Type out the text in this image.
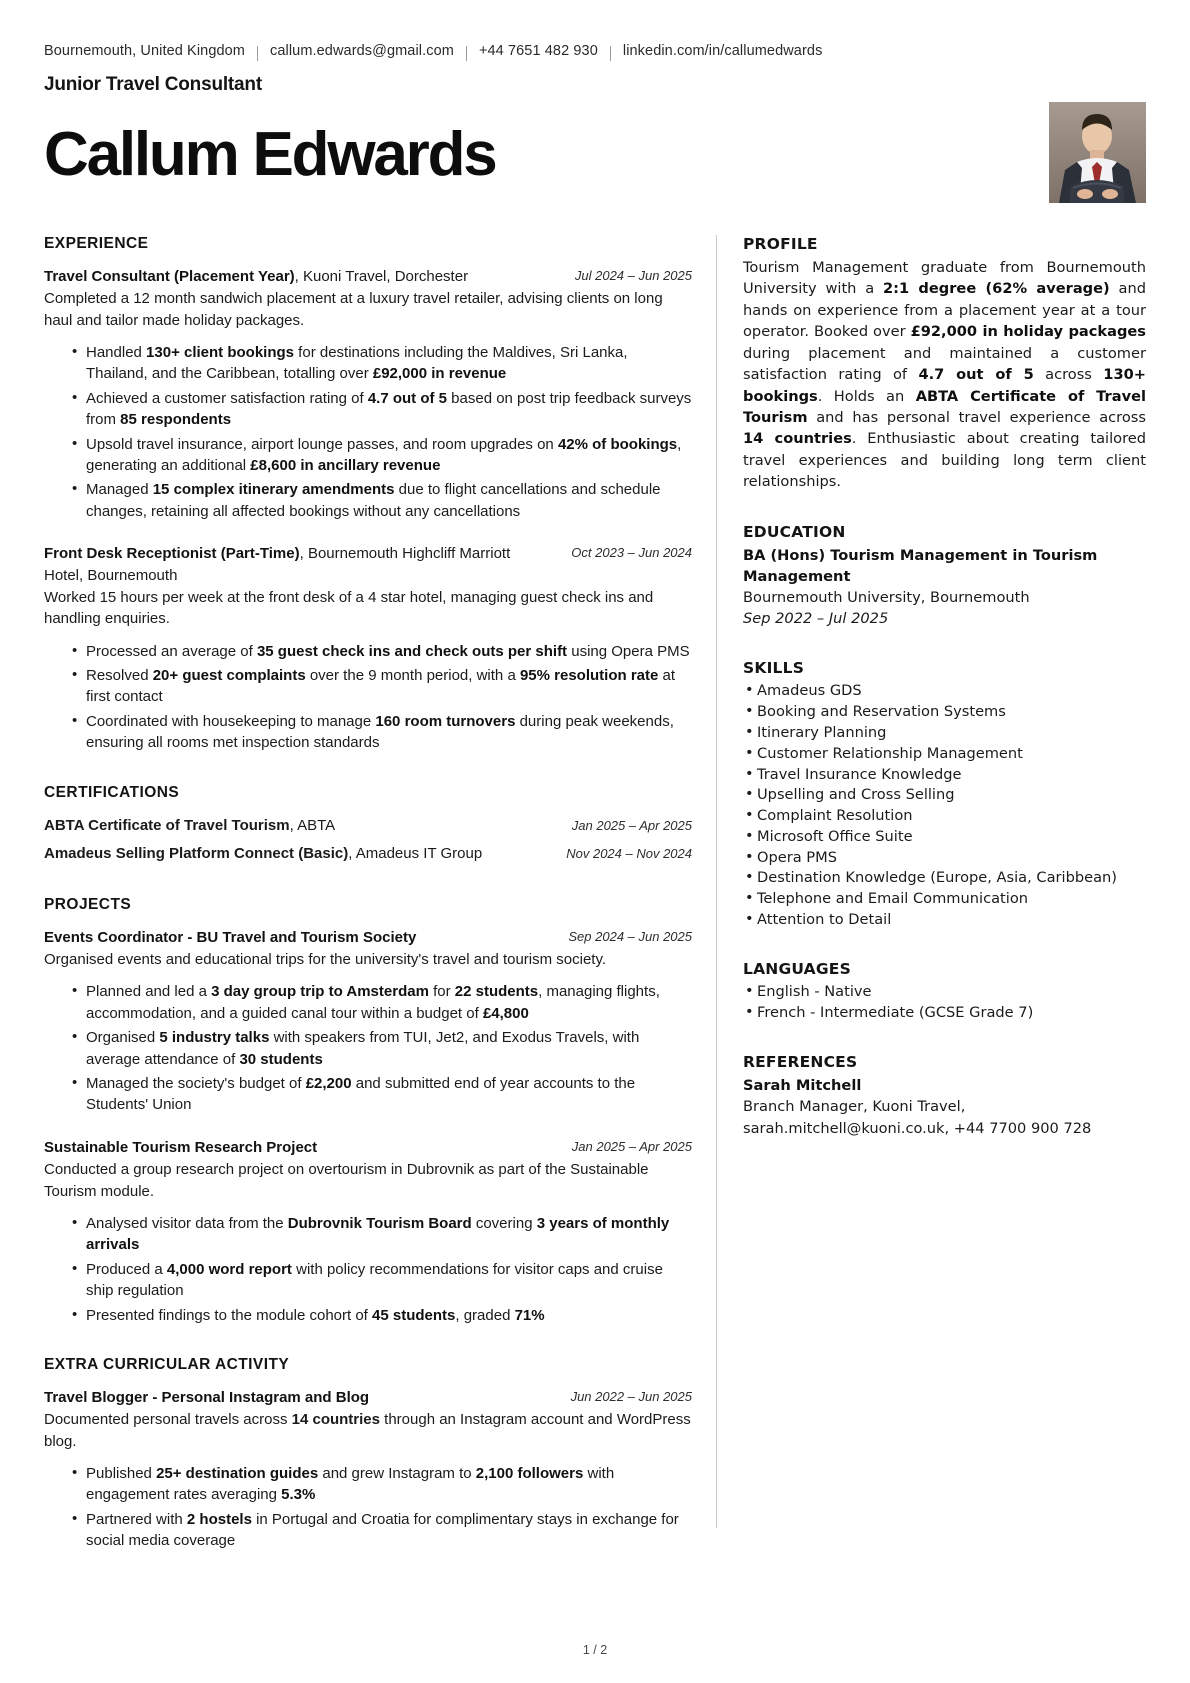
Bournemouth, United Kingdom callum.edwards@gmail.com +44 7651 482 930 linkedin.com/in/callumedwards
Junior Travel Consultant
Callum Edwards
EXPERIENCE
Travel Consultant (Placement Year), Kuoni Travel, Dorchester	Jul 2024 – Jun 2025
Completed a 12 month sandwich placement at a luxury travel retailer, advising clients on long haul and tailor made holiday packages.
• Handled 130+ client bookings for destinations including the Maldives, Sri Lanka, Thailand, and the Caribbean, totalling over £92,000 in revenue
• Achieved a customer satisfaction rating of 4.7 out of 5 based on post trip feedback surveys from 85 respondents
• Upsold travel insurance, airport lounge passes, and room upgrades on 42% of bookings, generating an additional £8,600 in ancillary revenue
• Managed 15 complex itinerary amendments due to flight cancellations and schedule changes, retaining all affected bookings without any cancellations
Front Desk Receptionist (Part-Time), Bournemouth Highcliff Marriott Hotel, Bournemouth
Oct 2023 – Jun 2024
Worked 15 hours per week at the front desk of a 4 star hotel, managing guest check ins and handling enquiries.
• Processed an average of 35 guest check ins and check outs per shift using Opera PMS
• Resolved 20+ guest complaints over the 9 month period, with a 95% resolution rate at first contact
• Coordinated with housekeeping to manage 160 room turnovers during peak weekends, ensuring all rooms met inspection standards
CERTIFICATIONS
ABTA Certificate of Travel Tourism, ABTA	Jan 2025 – Apr 2025
Amadeus Selling Platform Connect (Basic), Amadeus IT Group	Nov 2024 – Nov 2024
PROJECTS
Events Coordinator - BU Travel and Tourism Society	Sep 2024 – Jun 2025
Organised events and educational trips for the university's travel and tourism society.
• Planned and led a 3 day group trip to Amsterdam for 22 students, managing flights, accommodation, and a guided canal tour within a budget of £4,800
• Organised 5 industry talks with speakers from TUI, Jet2, and Exodus Travels, with average attendance of 30 students
• Managed the society's budget of £2,200 and submitted end of year accounts to the Students' Union
Sustainable Tourism Research Project	Jan 2025 – Apr 2025
Conducted a group research project on overtourism in Dubrovnik as part of the Sustainable Tourism module.
• Analysed visitor data from the Dubrovnik Tourism Board covering 3 years of monthly arrivals
• Produced a 4,000 word report with policy recommendations for visitor caps and cruise ship regulation
• Presented findings to the module cohort of 45 students, graded 71%
EXTRA CURRICULAR ACTIVITY
Travel Blogger - Personal Instagram and Blog	Jun 2022 – Jun 2025
Documented personal travels across 14 countries through an Instagram account and WordPress blog.
• Published 25+ destination guides and grew Instagram to 2,100 followers with engagement rates averaging 5.3%
• Partnered with 2 hostels in Portugal and Croatia for complimentary stays in exchange for social media coverage
PROFILE
Tourism Management graduate from Bournemouth University with a 2:1 degree (62% average) and hands on experience from a placement year at a tour operator. Booked over £92,000 in holiday packages during placement and maintained a customer satisfaction rating of 4.7 out of 5 across 130+ bookings. Holds an ABTA Certificate of Travel Tourism and has personal travel experience across 14 countries. Enthusiastic about creating tailored travel experiences and building long term client relationships.
EDUCATION
BA (Hons) Tourism Management in Tourism Management
Bournemouth University, Bournemouth
Sep 2022 – Jul 2025
SKILLS
• Amadeus GDS
• Booking and Reservation Systems
• Itinerary Planning
• Customer Relationship Management
• Travel Insurance Knowledge
• Upselling and Cross Selling
• Complaint Resolution
• Microsoft Office Suite
• Opera PMS
• Destination Knowledge (Europe, Asia, Caribbean)
• Telephone and Email Communication
• Attention to Detail
LANGUAGES
• English - Native
• French - Intermediate (GCSE Grade 7)
REFERENCES
Sarah Mitchell
Branch Manager, Kuoni Travel, sarah.mitchell@kuoni.co.uk, +44 7700 900 728
1 / 2
